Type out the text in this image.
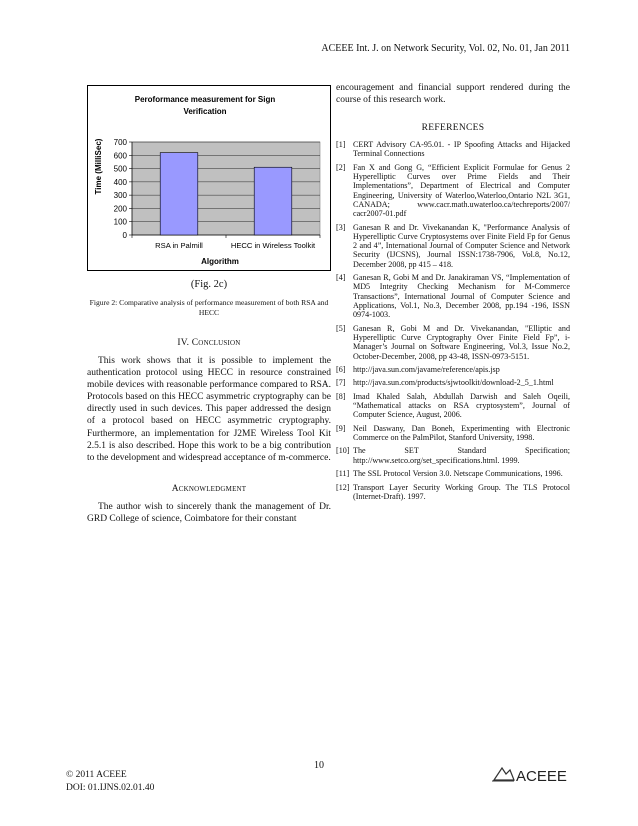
ACEEE Int. J. on Network Security, Vol. 02, No. 01, Jan 2011
Peroformance measurement for Sign
Verification
0
100
200
300
400
500
600
700
RSA in Palmill	HECC in Wireless Toolkit
Algorithm
Time (MilliSec)
(Fig. 2c)
Figure 2: Comparative analysis of performance measurement of both RSA and HECC
IV. Conclusion

This work shows that it is possible to implement the authentication protocol using HECC in resource constrained mobile devices with reasonable performance compared to RSA. Protocols based on this HECC asymmetric cryptography can be directly used in such devices. This paper addressed the design of a protocol based on HECC asymmetric cryptography. Furthermore, an implementation for J2ME Wireless Tool Kit 2.5.1 is also described. Hope this work to be a big contribution to the development and widespread acceptance of m-commerce.

Acknowledgment

The author wish to sincerely thank the management of Dr. GRD College of science, Coimbatore for their constant

encouragement and financial support rendered during the course of this research work.

REFERENCES
[1] CERT Advisory CA-95.01. - IP Spoofing Attacks and Hijacked Terminal Connections
[2] Fan X and Gong G, “Efficient Explicit Formulae for Genus 2 Hyperelliptic Curves over Prime Fields and Their Implementations”, Department of Electrical and Computer Engineering, University of Waterloo,Waterloo,Ontario N2L 3G1, CANADA; www.cacr.math.uwaterloo.ca/techreports/2007/ cacr2007-01.pdf
[3] Ganesan R and Dr. Vivekanandan K, "Performance Analysis of Hyperelliptic Curve Cryptosystems over Finite Field Fp for Genus 2 and 4”, International Journal of Computer Science and Network Security (IJCSNS), Journal ISSN:1738-7906, Vol.8, No.12, December 2008, pp 415 – 418.
[4] Ganesan R, Gobi M and Dr. Janakiraman VS, “Implementation of MD5 Integrity Checking Mechanism for M-Commerce Transactions”, International Journal of Computer Science and Applications, Vol.1, No.3, December 2008, pp.194 -196, ISSN 0974-1003.
[5] Ganesan R, Gobi M and Dr. Vivekanandan, "Elliptic and Hyperelliptic Curve Cryptography Over Finite Field Fp”, i-Manager’s Journal on Software Engineering, Vol.3, Issue No.2, October-December, 2008, pp 43-48, ISSN-0973-5151.
[6] http://java.sun.com/javame/reference/apis.jsp
[7] http://java.sun.com/products/sjwtoolkit/download-2_5_1.html
[8] Imad Khaled Salah, Abdullah Darwish and Saleh Oqeili, “Mathematical attacks on RSA cryptosystem”, Journal of Computer Science, August, 2006.
[9] Neil Daswany, Dan Boneh, Experimenting with Electronic Commerce on the PalmPilot, Stanford University, 1998.
[10] The SET Standard Specification; http://www.setco.org/set_specifications.html. 1999.
[11] The SSL Protocol Version 3.0. Netscape Communications, 1996.
[12] Transport Layer Security Working Group. The TLS Protocol (Internet-Draft). 1997.
10
© 2011 ACEEE
DOI: 01.IJNS.02.01.40
ACEEE
